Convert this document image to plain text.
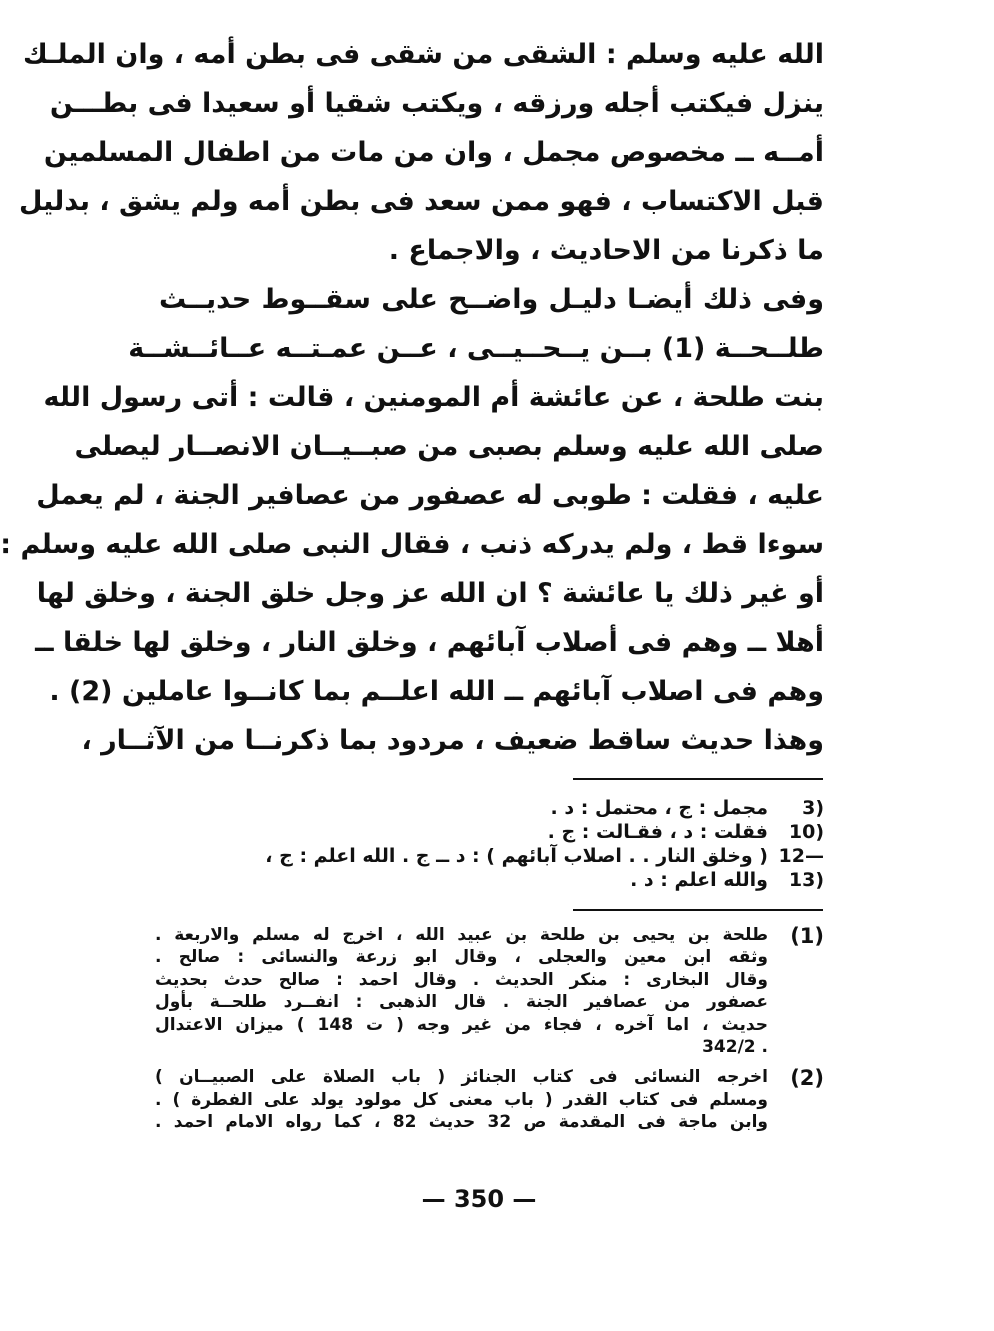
الله عليه وسلم : الشقى من شقى فى بطن أمه ، وان الملـك
ينزل فيكتب أجله ورزقه ، ويكتب شقيا أو سعيدا فى بطـــن
أمــه ــ مخصوص مجمل ، وان من مات من اطفال المسلمين
قبل الاكتساب ، فهو ممن سعد فى بطن أمه ولم يشق ، بدليل
ما ذكرنا من الاحاديث ، والاجماع .
وفى ذلك أيضـا دليـل واضــح على سقــوط حديــث
طلــحــة (1) بــن يــحــيــى ، عــن عمـتــه عــائــشــة
بنت طلحة ، عن عائشة أم المومنين ، قالت : أتى رسول الله
صلى الله عليه وسلم بصبى من صبــيــان الانصــار ليصلى
عليه ، فقلت : طوبى له عصفور من عصافير الجنة ، لم يعمل
سوءا قط ، ولم يدركه ذنب ، فقال النبى صلى الله عليه وسلم :
أو غير ذلك يا عائشة ؟ ان الله عز وجل خلق الجنة ، وخلق لها
أهلا ــ وهم فى أصلاب آبائهم ، وخلق النار ، وخلق لها خلقا ــ
وهم فى اصلاب آبائهم ــ الله اعلــم بما كانــوا عاملين (2) .
وهذا حديث ساقط ضعيف ، مردود بما ذكرنــا من الآثــار ،
3)
مجمل : ج ، محتمل : د .
10)
فقلت : د ، فقـالت : ج .
12—13)
( وخلق النار . . اصلاب آبائهم ) : د ــ ج . الله اعلم : ج ،
والله اعلم : د .
(1)
طلحة بن يحيى بن طلحة بن عبيد الله ، اخرج له مسلم والاربعة .
وثقه ابن معين والعجلى ، وقال ابو زرعة والنسائى : صالح .
وقال البخارى : منكر الحديث . وقال احمد : صالح حدث بحديث
عصفور من عصافير الجنة . قال الذهبى : انفــرد طلحــة بأول
حديث ، اما آخره ، فجاء من غير وجه ( ت 148 ) ميزان الاعتدال
. 342/2
(2)
اخرجه النسائى فى كتاب الجنائز ( باب الصلاة على الصبيــان )
ومسلم فى كتاب القدر ( باب معنى كل مولود يولد على الفطرة ) .
وابن ماجة فى المقدمة ص 32 حديث 82 ، كما رواه الامام احمد .
— 350 —
